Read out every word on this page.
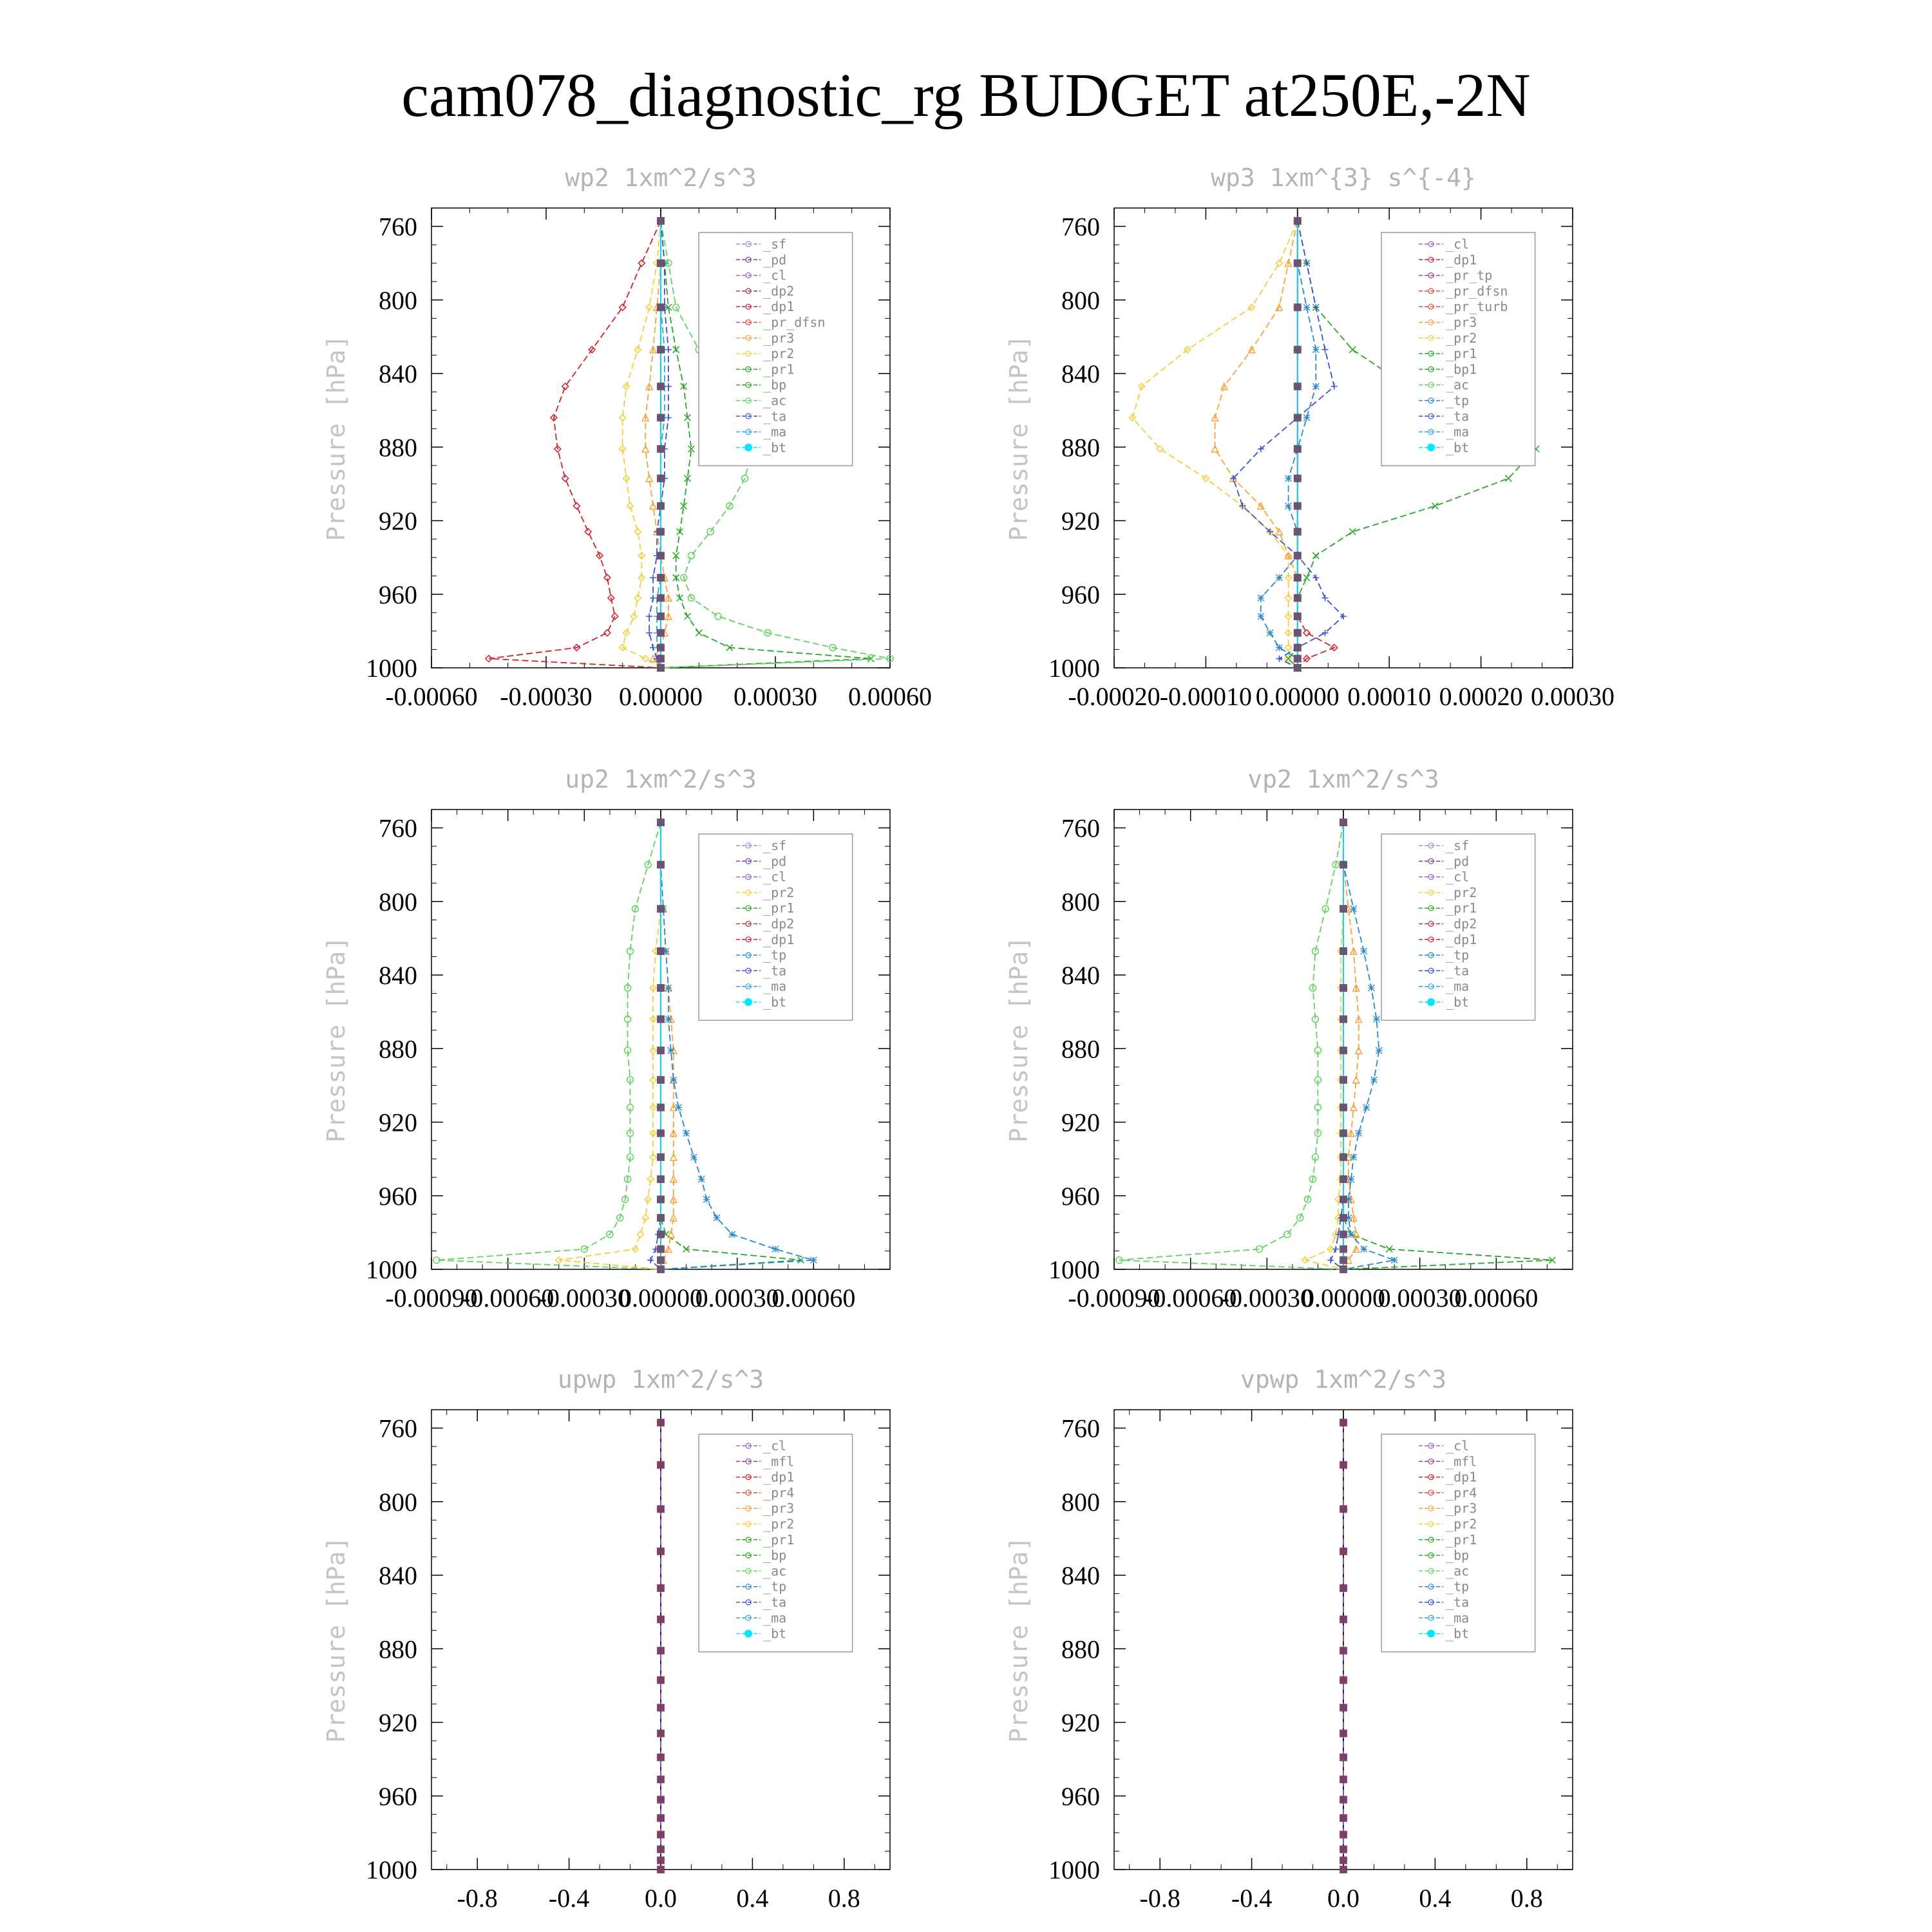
cam078_diagnostic_rg BUDGET at250E,-2N
760
800
840
880
920
960
1000
-0.00060 -0.00030 0.00000 0.00030 0.00060
wp2 1xm^2/s^3
Pressure [hPa]
_sf
_pd
_cl
_dp2
_dp1
_pr_dfsn
_pr3
_pr2
_pr1
_bp
_ac
_ta
_ma
_bt
760
800
840
880
920
960
1000
-0.00020 -0.00010 0.00000 0.00010 0.00020 0.00030
wp3 1xm^{3} s^{-4}
Pressure [hPa]
_cl
_dp1
_pr_tp
_pr_dfsn
_pr_turb
_pr3
_pr2
_pr1
_bp1
_ac
_tp
_ta
_ma
_bt
760
800
840
880
920
960
1000
-0.00090
-0.00060
-0.00030
0.00000
0.00030
0.00060
up2 1xm^2/s^3
Pressure [hPa]
_sf
_pd
_cl
_pr2
_pr1
_dp2
_dp1
_tp
_ta
_ma
_bt
760
800
840
880
920
960
1000
-0.00090
-0.00060
-0.00030
0.00000
0.00030
0.00060
vp2 1xm^2/s^3
Pressure [hPa]
_sf
_pd
_cl
_pr2
_pr1
_dp2
_dp1
_tp
_ta
_ma
_bt
760
800
840
880
920
960
1000
-0.8 -0.4 0.0 0.4 0.8
upwp 1xm^2/s^3
Pressure [hPa]
_cl
_mfl
_dp1
_pr4
_pr3
_pr2
_pr1
_bp
_ac
_tp
_ta
_ma
_bt
760
800
840
880
920
960
1000
-0.8 -0.4 0.0 0.4 0.8
vpwp 1xm^2/s^3
Pressure [hPa]
_cl
_mfl
_dp1
_pr4
_pr3
_pr2
_pr1
_bp
_ac
_tp
_ta
_ma
_bt
